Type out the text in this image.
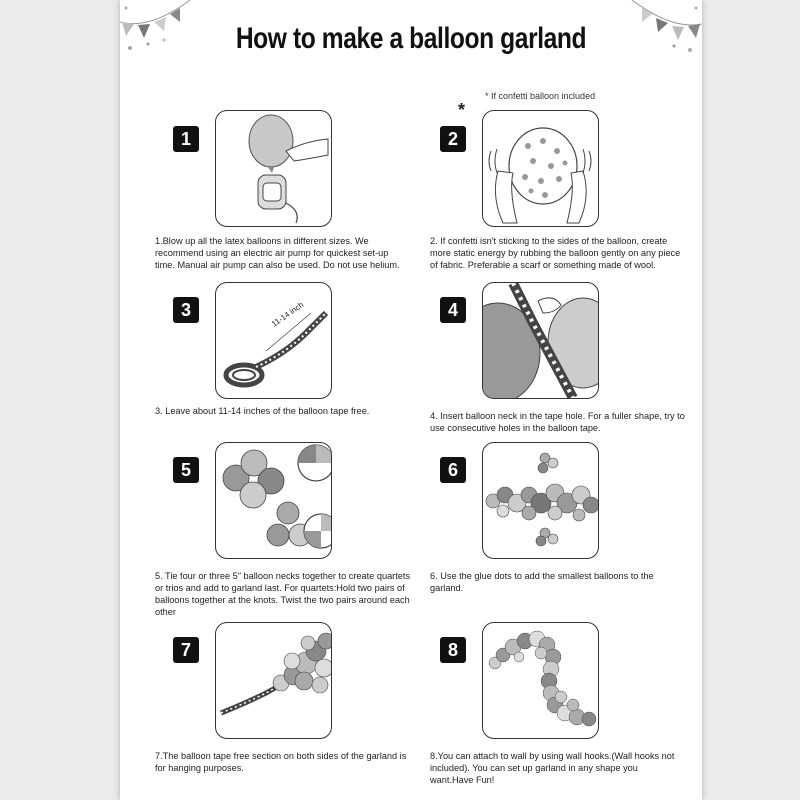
How to make a balloon garland
* If confetti balloon included
*
1
1.Blow up all the latex balloons in different sizes. We recommend using an electric air pump for quickest set-up time. Manual air pump can also be used. Do not use helium.
2
2. If confetti isn't sticking to the sides of the balloon, create more static energy by rubbing the balloon gently on any piece of fabric. Preferable a scarf or something made of wool.
3	11-14 inch
3. Leave about 11-14 inches of the balloon tape free.
4
4. Insert balloon neck in the tape hole. For a fuller shape, try to use consecutive holes in the balloon tape.
5
5. Tie four or three 5" balloon necks together to create quartets or trios and add to garland last. For quartets:Hold two pairs of balloons together at the knots. Twist the two pairs around each other
6
6. Use the glue dots to add the smallest balloons to the garland.
7
7.The balloon tape free section on both sides of the garland is for hanging purposes.
8
8.You can attach to wall by using wall hooks.(Wall hooks not included). You can set up garland in any shape you want.Have Fun!
